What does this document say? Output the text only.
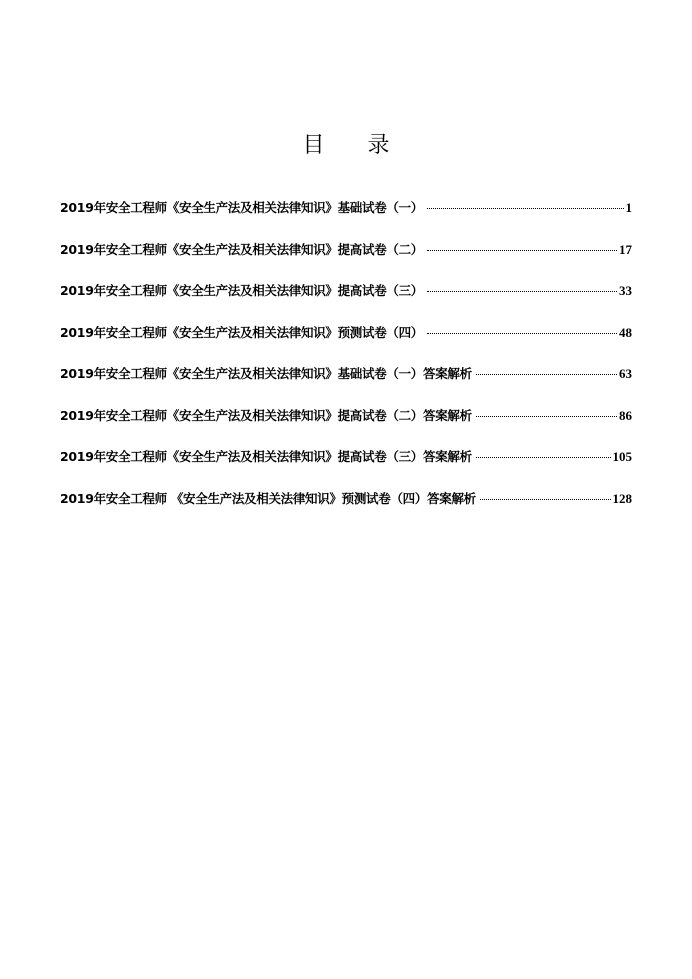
目 录
2019年安全工程师《安全生产法及相关法律知识》基础试卷（一）	1
2019年安全工程师《安全生产法及相关法律知识》提高试卷（二）	17
2019年安全工程师《安全生产法及相关法律知识》提高试卷（三）	33
2019年安全工程师《安全生产法及相关法律知识》预测试卷（四）	48
2019年安全工程师《安全生产法及相关法律知识》基础试卷（一）答案解析	63
2019年安全工程师《安全生产法及相关法律知识》提高试卷（二）答案解析	86
2019年安全工程师《安全生产法及相关法律知识》提高试卷（三）答案解析	105
2019年安全工程师 《安全生产法及相关法律知识》预测试卷（四）答案解析	128
